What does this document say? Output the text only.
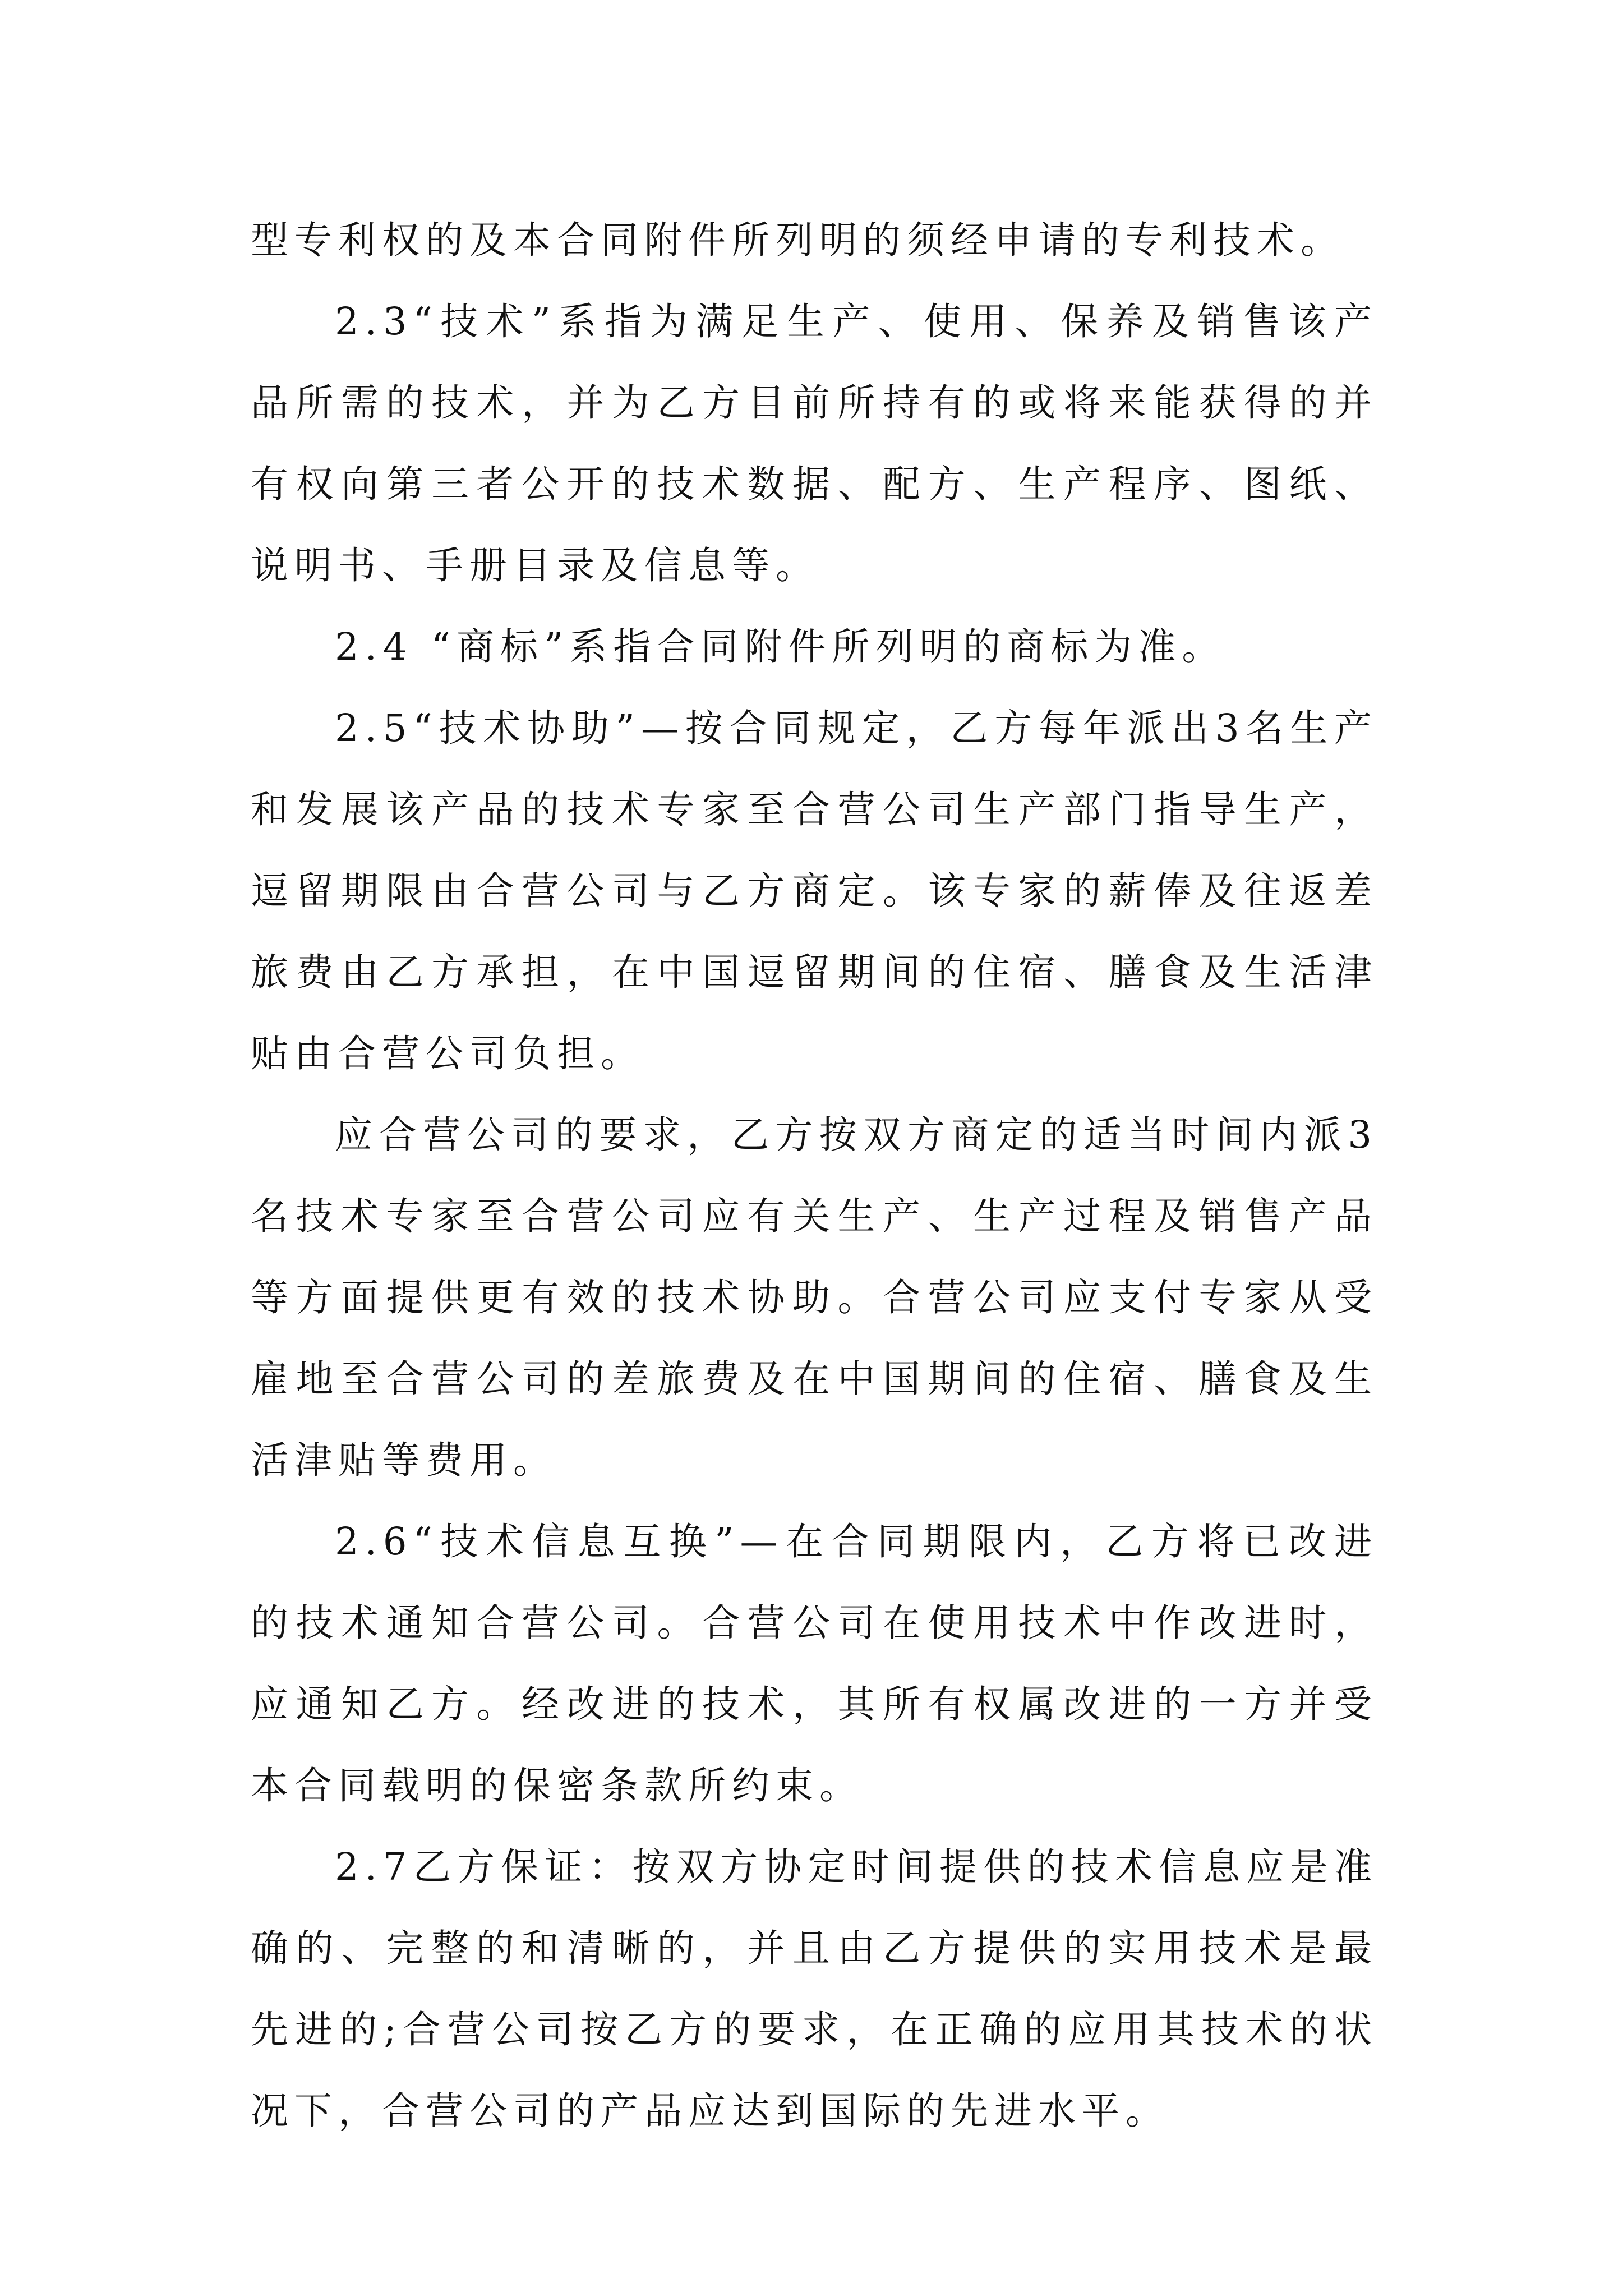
型专利权的及本合同附件所列明的须经申请的专利技术。

2.3“技术”系指为满足生产、使用、保养及销售该产品所需的技术，并为乙方目前所持有的或将来能获得的并有权向第三者公开的技术数据、配方、生产程序、图纸、说明书、手册目录及信息等。

2.4 “商标”系指合同附件所列明的商标为准。

2.5“技术协助”—按合同规定，乙方每年派出3名生产和发展该产品的技术专家至合营公司生产部门指导生产，逗留期限由合营公司与乙方商定。该专家的薪俸及往返差旅费由乙方承担，在中国逗留期间的住宿、膳食及生活津贴由合营公司负担。

应合营公司的要求，乙方按双方商定的适当时间内派3名技术专家至合营公司应有关生产、生产过程及销售产品等方面提供更有效的技术协助。合营公司应支付专家从受雇地至合营公司的差旅费及在中国期间的住宿、膳食及生活津贴等费用。

2.6“技术信息互换”—在合同期限内，乙方将已改进的技术通知合营公司。合营公司在使用技术中作改进时，应通知乙方。经改进的技术，其所有权属改进的一方并受本合同载明的保密条款所约束。

2.7乙方保证：按双方协定时间提供的技术信息应是准确的、完整的和清晰的，并且由乙方提供的实用技术是最先进的;合营公司按乙方的要求，在正确的应用其技术的状况下，合营公司的产品应达到国际的先进水平。
